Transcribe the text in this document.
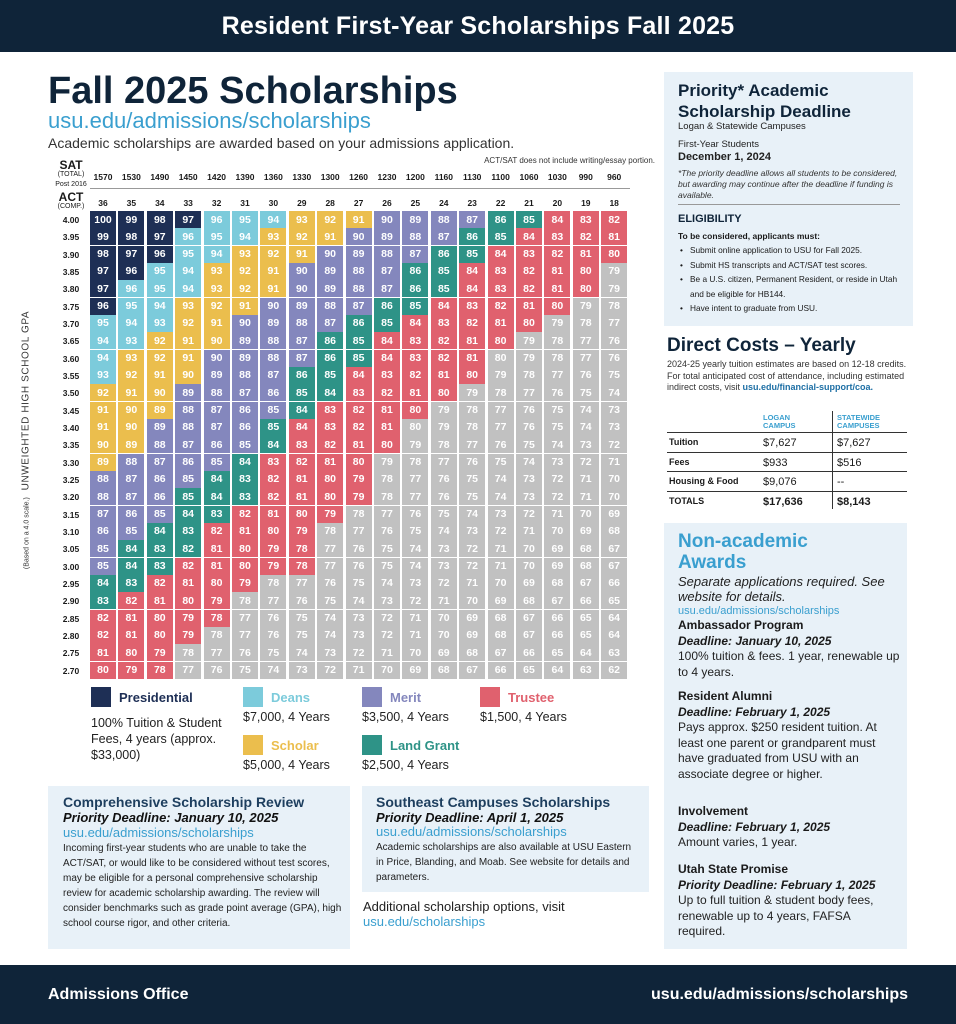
Resident First-Year Scholarships Fall 2025
Fall 2025 Scholarships
usu.edu/admissions/scholarships
Academic scholarships are awarded based on your admissions application.
ACT/SAT does not include writing/essay portion.
SAT
(TOTAL)
Post 2016
ACT
(COMP.)
1570	1530	1490	1450	1420	1390	1360	1330	1300	1260	1230	1200	1160	1130	1100	1060	1030	990	960
36	35	34	33	32	31	30	29	28	27	26	25	24	23	22	21	20	19	18
(Based on a 4.0 scale.)  UNWEIGHTED HIGH SCHOOL GPA
4.00
3.95
3.90
3.85
3.80
3.75
3.70
3.65
3.60
3.55
3.50
3.45
3.40
3.35
3.30
3.25
3.20
3.15
3.10
3.05
3.00
2.95
2.90
2.85
2.80
2.75
2.70
100	99	98	97	96	95	94	93	92	91	90	89	88	87	86	85	84	83	82
99	98	97	96	95	94	93	92	91	90	89	88	87	86	85	84	83	82	81
98	97	96	95	94	93	92	91	90	89	88	87	86	85	84	83	82	81	80
97	96	95	94	93	92	91	90	89	88	87	86	85	84	83	82	81	80	79
97	96	95	94	93	92	91	90	89	88	87	86	85	84	83	82	81	80	79
96	95	94	93	92	91	90	89	88	87	86	85	84	83	82	81	80	79	78
95	94	93	92	91	90	89	88	87	86	85	84	83	82	81	80	79	78	77
94	93	92	91	90	89	88	87	86	85	84	83	82	81	80	79	78	77	76
94	93	92	91	90	89	88	87	86	85	84	83	82	81	80	79	78	77	76
93	92	91	90	89	88	87	86	85	84	83	82	81	80	79	78	77	76	75
92	91	90	89	88	87	86	85	84	83	82	81	80	79	78	77	76	75	74
91	90	89	88	87	86	85	84	83	82	81	80	79	78	77	76	75	74	73
91	90	89	88	87	86	85	84	83	82	81	80	79	78	77	76	75	74	73
90	89	88	87	86	85	84	83	82	81	80	79	78	77	76	75	74	73	72
89	88	87	86	85	84	83	82	81	80	79	78	77	76	75	74	73	72	71
88	87	86	85	84	83	82	81	80	79	78	77	76	75	74	73	72	71	70
88	87	86	85	84	83	82	81	80	79	78	77	76	75	74	73	72	71	70
87	86	85	84	83	82	81	80	79	78	77	76	75	74	73	72	71	70	69
86	85	84	83	82	81	80	79	78	77	76	75	74	73	72	71	70	69	68
85	84	83	82	81	80	79	78	77	76	75	74	73	72	71	70	69	68	67
85	84	83	82	81	80	79	78	77	76	75	74	73	72	71	70	69	68	67
84	83	82	81	80	79	78	77	76	75	74	73	72	71	70	69	68	67	66
83	82	81	80	79	78	77	76	75	74	73	72	71	70	69	68	67	66	65
82	81	80	79	78	77	76	75	74	73	72	71	70	69	68	67	66	65	64
82	81	80	79	78	77	76	75	74	73	72	71	70	69	68	67	66	65	64
81	80	79	78	77	76	75	74	73	72	71	70	69	68	67	66	65	64	63
80	79	78	77	76	75	74	73	72	71	70	69	68	67	66	65	64	63	62
Presidential
100% Tuition & Student Fees, 4 years (approx. $33,000)
Deans
$7,000, 4 Years
Scholar
$5,000, 4 Years
Merit
$3,500, 4 Years
Land Grant
$2,500, 4 Years
Trustee
$1,500, 4 Years
Comprehensive Scholarship Review
Priority Deadline: January 10, 2025
usu.edu/admissions/scholarships
Incoming first-year students who are unable to take the ACT/SAT, or would like to be considered without test scores, may be eligible for a personal comprehensive scholarship review for academic scholarship awarding. The review will consider benchmarks such as grade point average (GPA), high school course rigor, and other criteria.
Southeast Campuses Scholarships
Priority Deadline: April 1, 2025
usu.edu/admissions/scholarships
Academic scholarships are also available at USU Eastern in Price, Blanding, and Moab. See website for details and parameters.
Additional scholarship options, visit
usu.edu/scholarships
Priority* Academic Scholarship Deadline
Logan & Statewide Campuses
First-Year Students
December 1, 2024
*The priority deadline allows all students to be considered, but awarding may continue after the deadline if funding is available.
ELIGIBILITY
To be considered, applicants must:
• Submit online application to USU for Fall 2025.
• Submit HS transcripts and ACT/SAT test scores.
• Be a U.S. citizen, Permanent Resident, or reside in Utah and be eligible for HB144.
• Have intent to graduate from USU.
Direct Costs – Yearly
2024-25 yearly tuition estimates are based on 12-18 credits. For total anticipated cost of attendance, including estimated indirect costs, visit usu.edu/financial-support/coa.
LOGAN CAMPUS
STATEWIDE CAMPUSES
Tuition	$7,627	$7,627
Fees	$933	$516
Housing & Food $9,076	--
TOTALS	$17,636	$8,143
Non-academic Awards
Separate applications required. See website for details.
usu.edu/admissions/scholarships
Ambassador Program
Deadline: January 10, 2025
100% tuition & fees. 1 year, renewable up to 4 years.
Resident Alumni
Deadline: February 1, 2025
Pays approx. $250 resident tuition. At least one parent or grandparent must have graduated from USU with an associate degree or higher.
Involvement
Deadline: February 1, 2025
Amount varies, 1 year.
Utah State Promise
Priority Deadline: February 1, 2025
Up to full tuition & student body fees, renewable up to 4 years, FAFSA required.
Admissions Office	usu.edu/admissions/scholarships
